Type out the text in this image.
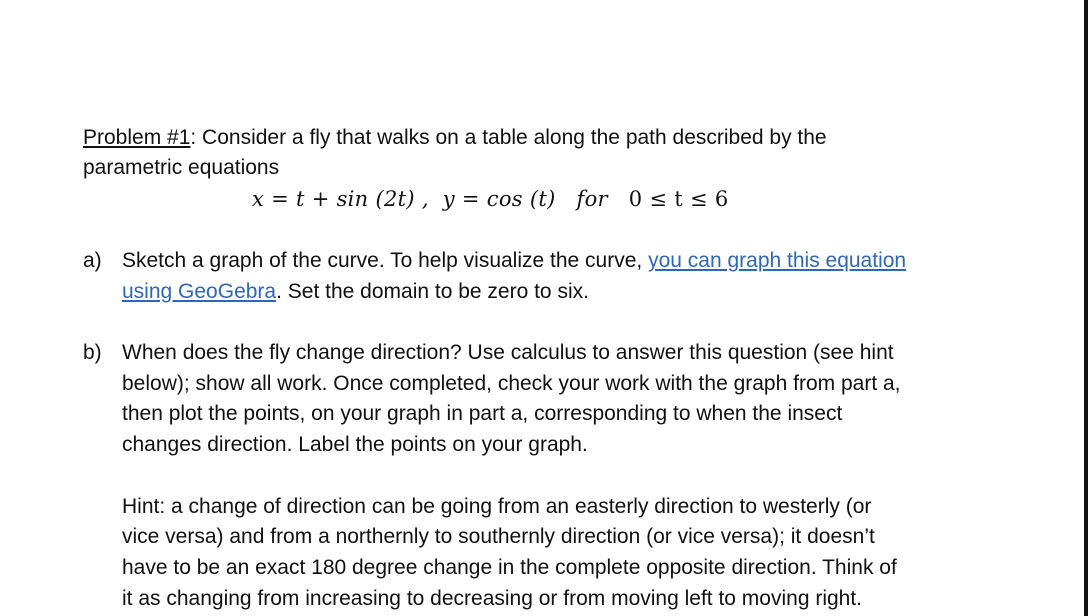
Problem #1: Consider a fly that walks on a table along the path described by the
parametric equations
x = t + sin (2t) , y = cos (t) for 0 ≤ t ≤ 6
a) Sketch a graph of the curve. To help visualize the curve, you can graph this equation
using GeoGebra. Set the domain to be zero to six.
b) When does the fly change direction? Use calculus to answer this question (see hint
below); show all work. Once completed, check your work with the graph from part a,
then plot the points, on your graph in part a, corresponding to when the insect
changes direction. Label the points on your graph.
Hint: a change of direction can be going from an easterly direction to westerly (or
vice versa) and from a northernly to southernly direction (or vice versa); it doesn’t
have to be an exact 180 degree change in the complete opposite direction. Think of
it as changing from increasing to decreasing or from moving left to moving right.
